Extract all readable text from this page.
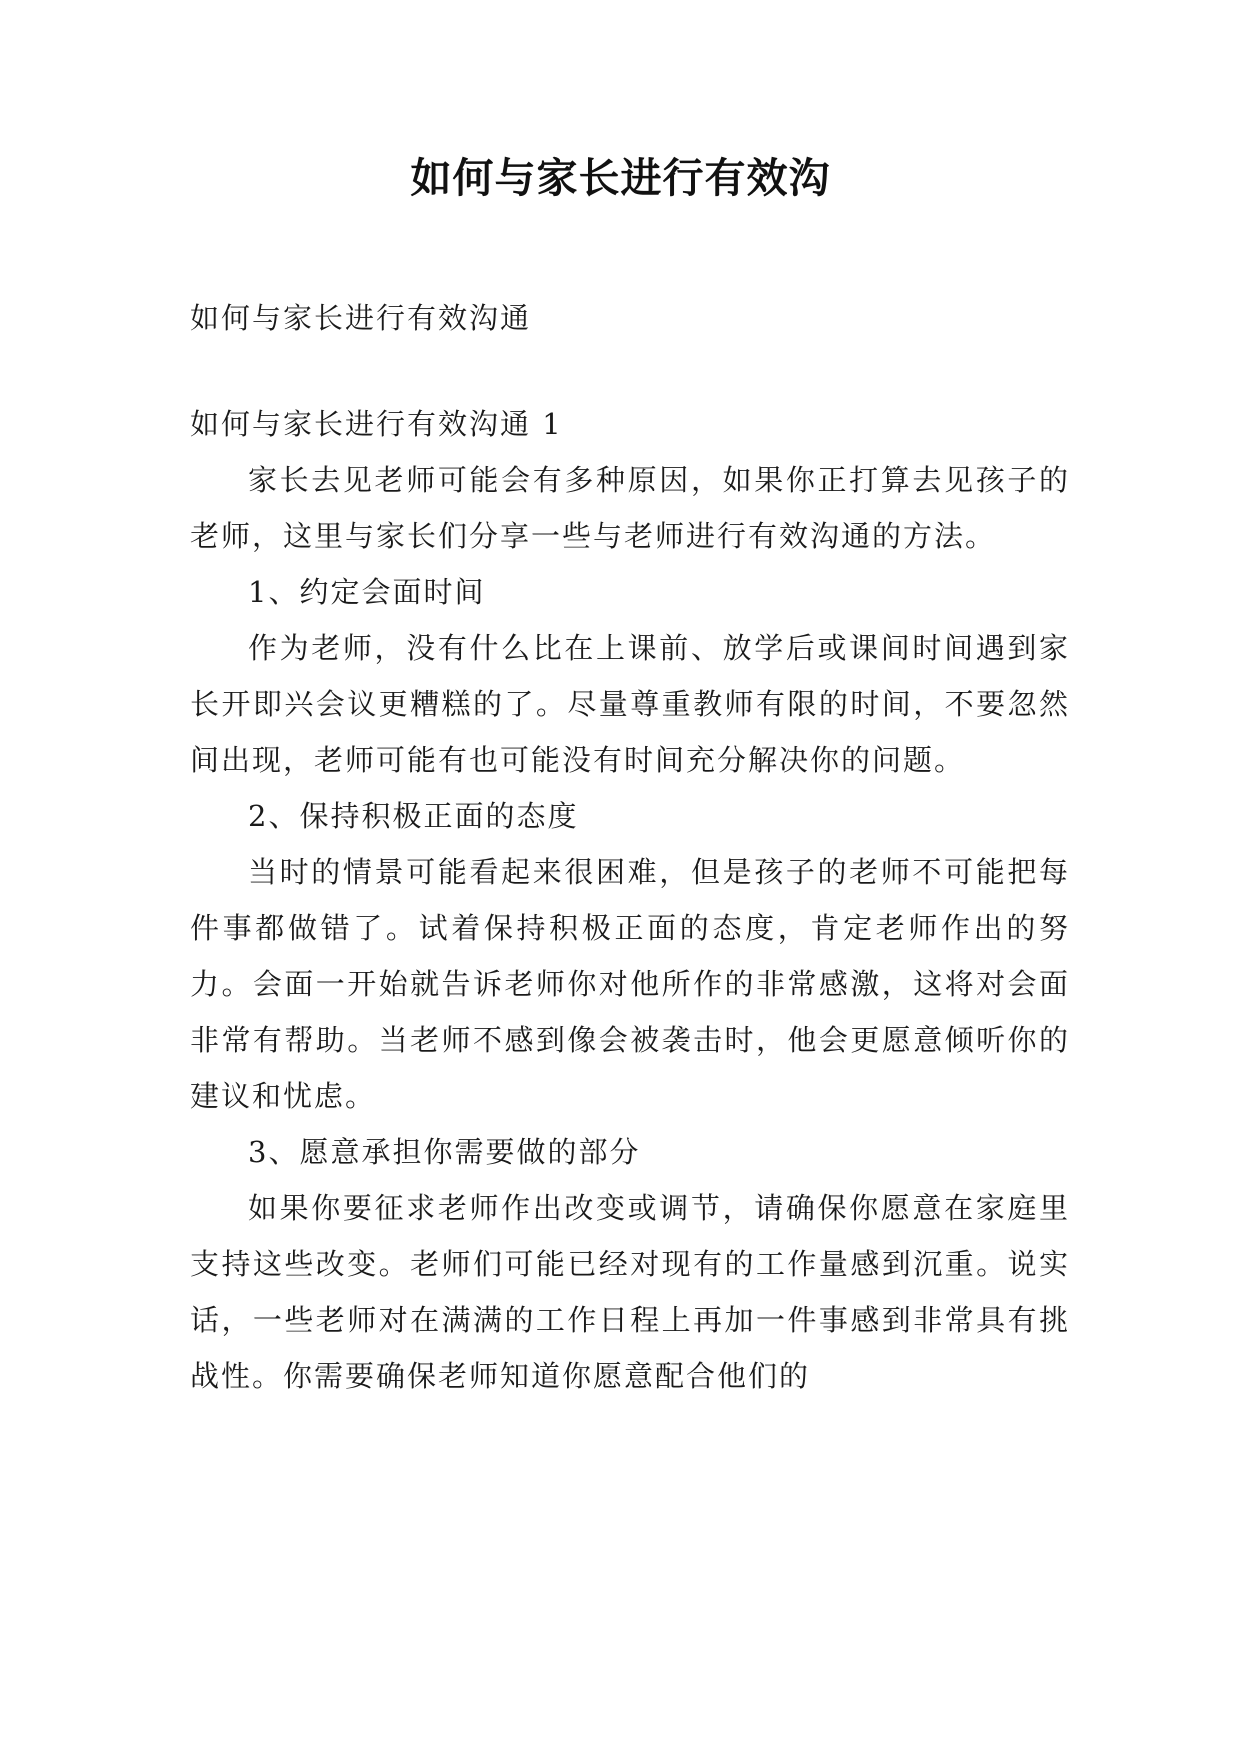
如何与家长进行有效沟

如何与家长进行有效沟通

如何与家长进行有效沟通 1

家长去见老师可能会有多种原因，如果你正打算去见孩子的老师，这里与家长们分享一些与老师进行有效沟通的方法。

1、约定会面时间

作为老师，没有什么比在上课前、放学后或课间时间遇到家长开即兴会议更糟糕的了。尽量尊重教师有限的时间，不要忽然间出现，老师可能有也可能没有时间充分解决你的问题。

2、保持积极正面的态度

当时的情景可能看起来很困难，但是孩子的老师不可能把每件事都做错了。试着保持积极正面的态度，肯定老师作出的努力。会面一开始就告诉老师你对他所作的非常感激，这将对会面非常有帮助。当老师不感到像会被袭击时，他会更愿意倾听你的建议和忧虑。

3、愿意承担你需要做的部分

如果你要征求老师作出改变或调节，请确保你愿意在家庭里支持这些改变。老师们可能已经对现有的工作量感到沉重。说实话，一些老师对在满满的工作日程上再加一件事感到非常具有挑战性。你需要确保老师知道你愿意配合他们的
